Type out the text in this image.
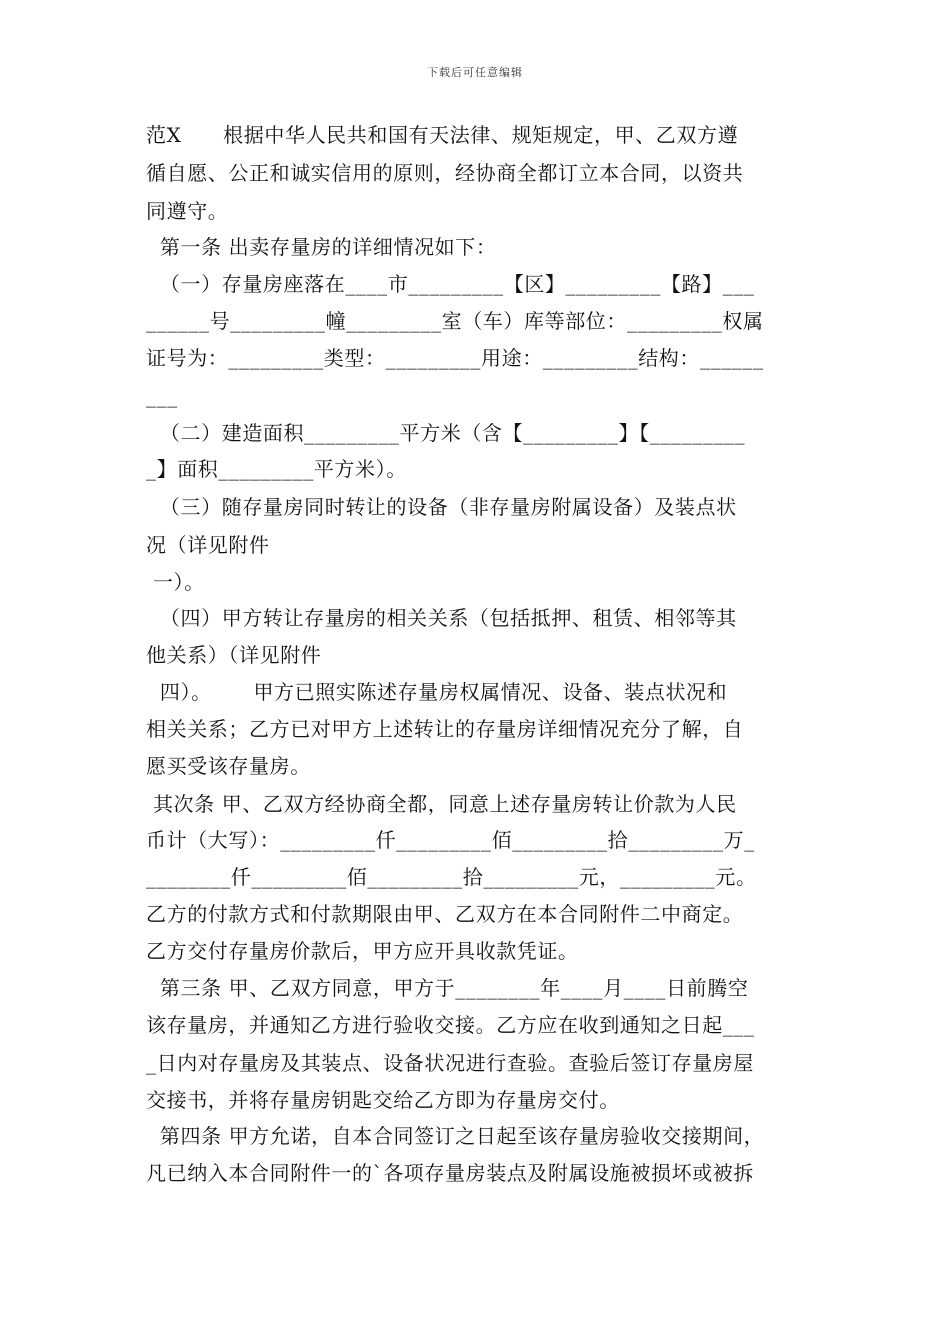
下载后可任意编辑
范Ⅹ      根据中华人民共和国有天法律、规矩规定，甲、乙双方遵
循自愿、公正和诚实信用的原则，经协商全都订立本合同，以资共
同遵守。
第一条 出卖存量房的详细情况如下：
（一）存量房座落在____市_________【区】_________【路】___
______号_________幢_________室（车）库等部位：_________权属
证号为：_________类型：_________用途：_________结构：______
___
（二）建造面积_________平方米（含【_________】【_________
_】面积_________平方米）。
（三）随存量房同时转让的设备（非存量房附属设备）及装点状
况（详见附件
一）。
（四）甲方转让存量房的相关关系（包括抵押、租赁、相邻等其
他关系）（详见附件
四）。      甲方已照实陈述存量房权属情况、设备、装点状况和
相关关系；乙方已对甲方上述转让的存量房详细情况充分了解，自
愿买受该存量房。
其次条 甲、乙双方经协商全都，同意上述存量房转让价款为人民
币计（大写）：_________仟_________佰_________拾_________万_
________仟_________佰_________拾_________元，_________元。
乙方的付款方式和付款期限由甲、乙双方在本合同附件二中商定。
乙方交付存量房价款后，甲方应开具收款凭证。
第三条 甲、乙双方同意，甲方于________年____月____日前腾空
该存量房，并通知乙方进行验收交接。乙方应在收到通知之日起___
_日内对存量房及其装点、设备状况进行查验。查验后签订存量房屋
交接书，并将存量房钥匙交给乙方即为存量房交付。
第四条 甲方允诺，自本合同签订之日起至该存量房验收交接期间，
凡已纳入本合同附件一的`各项存量房装点及附属设施被损坏或被拆
